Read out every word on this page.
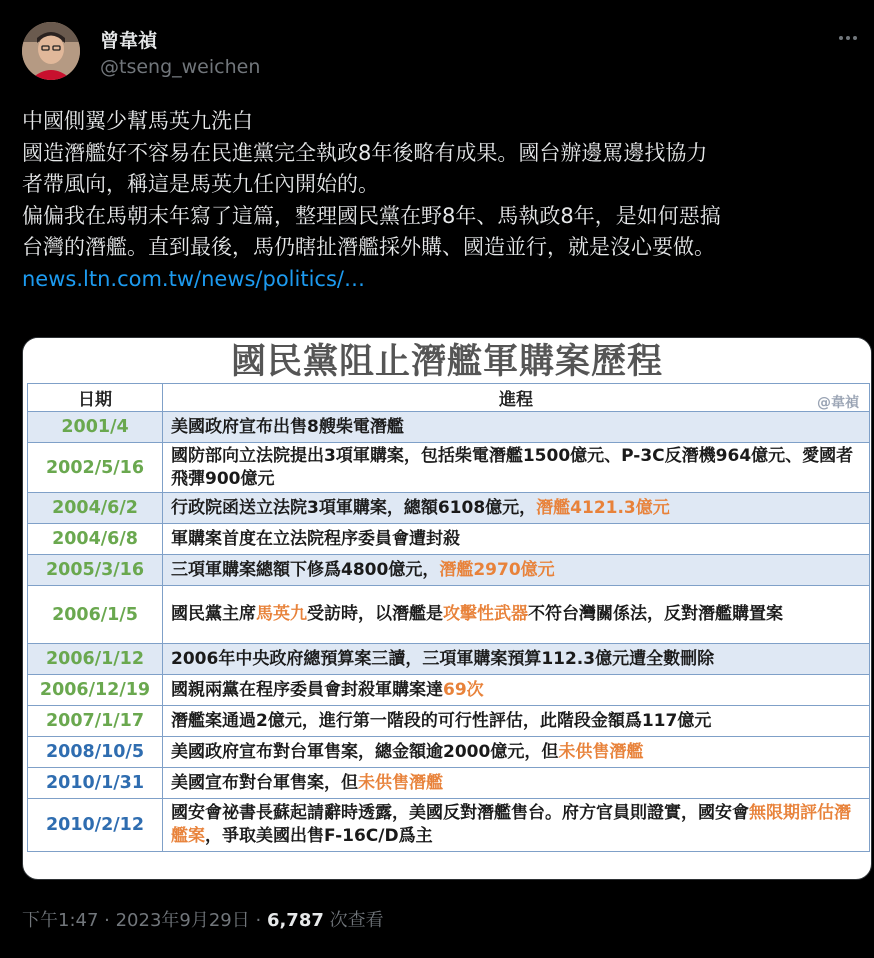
曾韋禎
@tseng_weichen

中國側翼少幫馬英九洗白

國造潛艦好不容易在民進黨完全執政8年後略有成果。國台辦邊罵邊找協力

者帶風向，稱這是馬英九任內開始的。

偏偏我在馬朝末年寫了這篇，整理國民黨在野8年、馬執政8年，是如何惡搞

台灣的潛艦。直到最後，馬仍瞎扯潛艦採外購、國造並行，就是沒心要做。

news.ltn.com.tw/news/politics/…

國民黨阻止潛艦軍購案歷程
日期	進程
2001/4	美國政府宣布出售8艘柴電潛艦
2002/5/16	國防部向立法院提出3項軍購案，包括柴電潛艦1500億元、P-3C反潛機964億元、愛國者飛彈900億元
2004/6/2	行政院函送立法院3項軍購案，總額6108億元，潛艦4121.3億元
2004/6/8	軍購案首度在立法院程序委員會遭封殺
2005/3/16	三項軍購案總額下修爲4800億元，潛艦2970億元
2006/1/5	國民黨主席馬英九受訪時，以潛艦是攻擊性武器不符台灣關係法，反對潛艦購置案
2006/1/12	2006年中央政府總預算案三讀，三項軍購案預算112.3億元遭全數刪除
2006/12/19	國親兩黨在程序委員會封殺軍購案達69次
2007/1/17	潛艦案通過2億元，進行第一階段的可行性評估，此階段金額爲117億元
2008/10/5	美國政府宣布對台軍售案，總金額逾2000億元，但未供售潛艦
2010/1/31	美國宣布對台軍售案，但未供售潛艦
2010/2/12	國安會祕書長蘇起請辭時透露，美國反對潛艦售台。府方官員則證實，國安會無限期評估潛艦案，爭取美國出售F-16C/D爲主
@韋禎
下午1:47 · 2023年9月29日 · 6,787 次查看
